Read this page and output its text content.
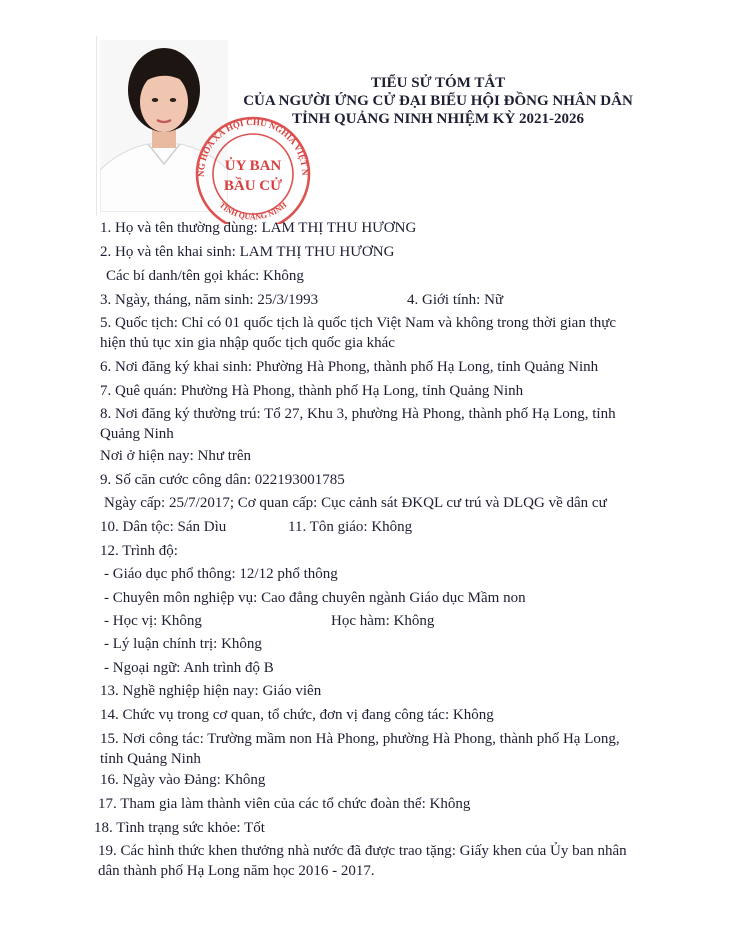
NG HÒA XÃ HỘI CHỦ NGHĨA VIỆT N
TỈNH QUẢNG NINH
ỦY BAN
BẦU CỬ
TIỂU SỬ TÓM TẮT
CỦA NGƯỜI ỨNG CỬ ĐẠI BIỂU HỘI ĐỒNG NHÂN DÂN
TỈNH QUẢNG NINH NHIỆM KỲ 2021-2026
1. Họ và tên thường dùng: LAM THỊ THU HƯƠNG
2. Họ và tên khai sinh: LAM THỊ THU HƯƠNG
Các bí danh/tên gọi khác: Không
3. Ngày, tháng, năm sinh: 25/3/1993	4. Giới tính: Nữ
5. Quốc tịch: Chỉ có 01 quốc tịch là quốc tịch Việt Nam và không trong thời gian thực hiện thủ tục xin gia nhập quốc tịch quốc gia khác
6. Nơi đăng ký khai sinh: Phường Hà Phong, thành phố Hạ Long, tỉnh Quảng Ninh
7. Quê quán: Phường Hà Phong, thành phố Hạ Long, tỉnh Quảng Ninh
8. Nơi đăng ký thường trú: Tổ 27, Khu 3, phường Hà Phong, thành phố Hạ Long, tỉnh Quảng Ninh
Nơi ở hiện nay: Như trên
9. Số căn cước công dân: 022193001785
Ngày cấp: 25/7/2017; Cơ quan cấp: Cục cảnh sát ĐKQL cư trú và DLQG về dân cư
10. Dân tộc: Sán Dìu	11. Tôn giáo: Không
12. Trình độ:
- Giáo dục phổ thông: 12/12 phổ thông
- Chuyên môn nghiệp vụ: Cao đẳng chuyên ngành Giáo dục Mầm non
- Học vị: Không	Học hàm: Không
- Lý luận chính trị: Không
- Ngoại ngữ: Anh trình độ B
13. Nghề nghiệp hiện nay: Giáo viên
14. Chức vụ trong cơ quan, tổ chức, đơn vị đang công tác: Không
15. Nơi công tác: Trường mầm non Hà Phong, phường Hà Phong, thành phố Hạ Long, tỉnh Quảng Ninh
16. Ngày vào Đảng: Không
17. Tham gia làm thành viên của các tổ chức đoàn thể: Không
18. Tình trạng sức khỏe: Tốt
19. Các hình thức khen thưởng nhà nước đã được trao tặng: Giấy khen của Ủy ban nhân dân thành phố Hạ Long năm học 2016 - 2017.
